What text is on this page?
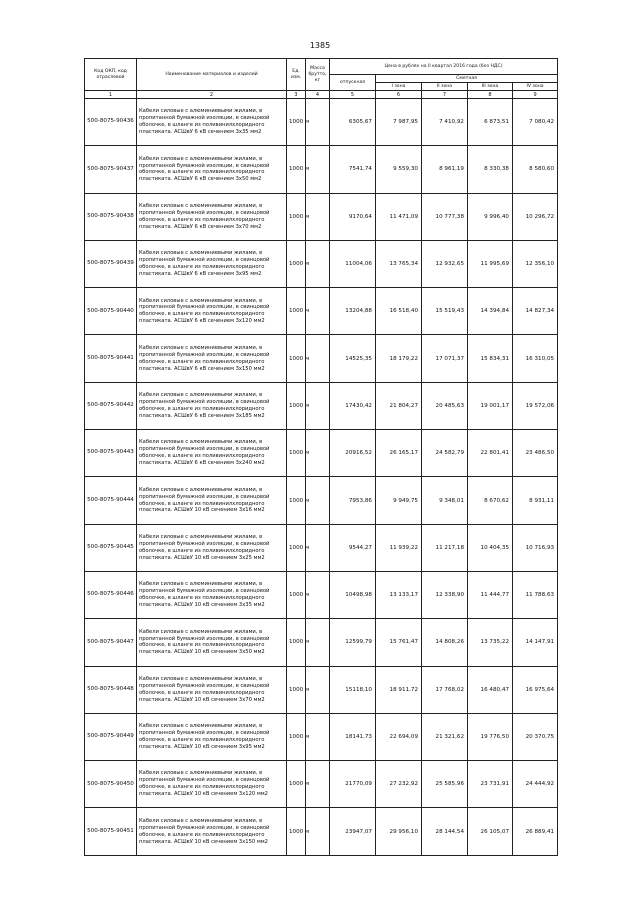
1385
Код ОКП, код отраслевой	Наименование материалов и изделий	Ед. изм.	Масса брутто, кг	Цена в рублях на II квартал 2016 года (без НДС)				
				отпускная	Сметная			
					I зона	II зона	III зона	IV зона
1	2	3	4	5	6	7	8	9
500-8075-90436	Кабели силовые с алюминиевыми жилами, в пропитанной бумажной изоляции, в свинцовой оболочке, в шланге из поливинилхлоридного пластиката. АСШвУ 6 кВ сечением 3х35 мм2	1000 м		6305,67	7 987,95	7 410,92	6 873,51	7 080,42
500-8075-90437	Кабели силовые с алюминиевыми жилами, в пропитанной бумажной изоляции, в свинцовой оболочке, в шланге из поливинилхлоридного пластиката. АСШвУ 6 кВ сечением 3х50 мм2	1000 м		7541,74	9 559,30	8 961,19	8 330,38	8 580,60
500-8075-90438	Кабели силовые с алюминиевыми жилами, в пропитанной бумажной изоляции, в свинцовой оболочке, в шланге из поливинилхлоридного пластиката. АСШвУ 6 кВ сечением 3х70 мм2	1000 м		9170,64	11 471,09	10 777,38	9 996,40	10 296,72
500-8075-90439	Кабели силовые с алюминиевыми жилами, в пропитанной бумажной изоляции, в свинцовой оболочке, в шланге из поливинилхлоридного пластиката. АСШвУ 6 кВ сечением 3х95 мм2	1000 м		11004,06	13 765,34	12 932,65	11 995,69	12 356,10
500-8075-90440	Кабели силовые с алюминиевыми жилами, в пропитанной бумажной изоляции, в свинцовой оболочке, в шланге из поливинилхлоридного пластиката. АСШвУ 6 кВ сечением 3х120 мм2	1000 м		13204,88	16 518,40	15 519,43	14 394,84	14 827,34
500-8075-90441	Кабели силовые с алюминиевыми жилами, в пропитанной бумажной изоляции, в свинцовой оболочке, в шланге из поливинилхлоридного пластиката. АСШвУ 6 кВ сечением 3х150 мм2	1000 м		14525,35	18 179,22	17 071,37	15 834,31	16 310,05
500-8075-90442	Кабели силовые с алюминиевыми жилами, в пропитанной бумажной изоляции, в свинцовой оболочке, в шланге из поливинилхлоридного пластиката. АСШвУ 6 кВ сечением 3х185 мм2	1000 м		17430,42	21 804,27	20 485,63	19 001,17	19 572,06
500-8075-90443	Кабели силовые с алюминиевыми жилами, в пропитанной бумажной изоляции, в свинцовой оболочке, в шланге из поливинилхлоридного пластиката. АСШвУ 6 кВ сечением 3х240 мм2	1000 м		20916,52	26 165,17	24 582,79	22 801,41	23 486,50
500-8075-90444	Кабели силовые с алюминиевыми жилами, в пропитанной бумажной изоляции, в свинцовой оболочке, в шланге из поливинилхлоридного пластиката. АСШвУ 10 кВ сечением 3х16 мм2	1000 м		7953,86	9 949,75	9 348,01	8 670,62	8 931,11
500-8075-90445	Кабели силовые с алюминиевыми жилами, в пропитанной бумажной изоляции, в свинцовой оболочке, в шланге из поливинилхлоридного пластиката. АСШвУ 10 кВ сечением 3х25 мм2	1000 м		9544,27	11 939,22	11 217,18	10 404,35	10 716,93
500-8075-90446	Кабели силовые с алюминиевыми жилами, в пропитанной бумажной изоляции, в свинцовой оболочке, в шланге из поливинилхлоридного пластиката. АСШвУ 10 кВ сечением 3х35 мм2	1000 м		10498,98	13 133,17	12 338,90	11 444,77	11 788,63
500-8075-90447	Кабели силовые с алюминиевыми жилами, в пропитанной бумажной изоляции, в свинцовой оболочке, в шланге из поливинилхлоридного пластиката. АСШвУ 10 кВ сечением 3х50 мм2	1000 м		12599,79	15 761,47	14 808,26	13 735,22	14 147,91
500-8075-90448	Кабели силовые с алюминиевыми жилами, в пропитанной бумажной изоляции, в свинцовой оболочке, в шланге из поливинилхлоридного пластиката. АСШвУ 10 кВ сечением 3х70 мм2	1000 м		15118,10	18 911,72	17 768,02	16 480,47	16 975,64
500-8075-90449	Кабели силовые с алюминиевыми жилами, в пропитанной бумажной изоляции, в свинцовой оболочке, в шланге из поливинилхлоридного пластиката. АСШвУ 10 кВ сечением 3х95 мм2	1000 м		18141,73	22 694,09	21 321,62	19 776,50	20 370,75
500-8075-90450	Кабели силовые с алюминиевыми жилами, в пропитанной бумажной изоляции, в свинцовой оболочке, в шланге из поливинилхлоридного пластиката. АСШвУ 10 кВ сечением 3х120 мм2	1000 м		21770,09	27 232,92	25 585,96	23 731,91	24 444,92
500-8075-90451	Кабели силовые с алюминиевыми жилами, в пропитанной бумажной изоляции, в свинцовой оболочке, в шланге из поливинилхлоридного пластиката. АСШвУ 10 кВ сечением 3х150 мм2	1000 м		23947,07	29 956,10	28 144,54	26 105,07	26 889,41
